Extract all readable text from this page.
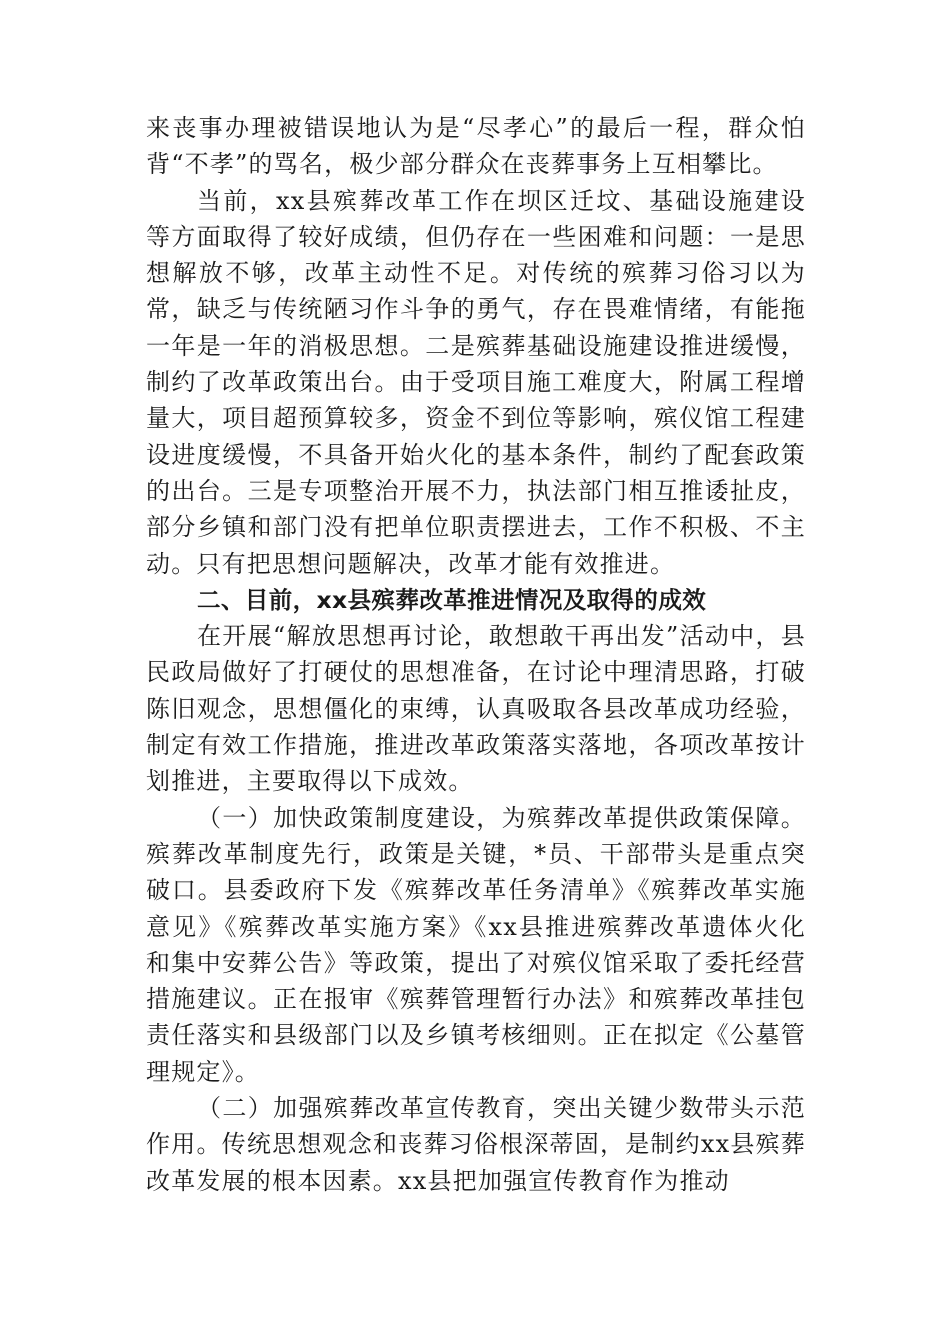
来丧事办理被错误地认为是“尽孝心”的最后一程，群众怕背“不孝”的骂名，极少部分群众在丧葬事务上互相攀比。

当前，xx县殡葬改革工作在坝区迁坟、基础设施建设等方面取得了较好成绩，但仍存在一些困难和问题：一是思想解放不够，改革主动性不足。对传统的殡葬习俗习以为常，缺乏与传统陋习作斗争的勇气，存在畏难情绪，有能拖一年是一年的消极思想。二是殡葬基础设施建设推进缓慢，制约了改革政策出台。由于受项目施工难度大，附属工程增量大，项目超预算较多，资金不到位等影响，殡仪馆工程建设进度缓慢，不具备开始火化的基本条件，制约了配套政策的出台。三是专项整治开展不力，执法部门相互推诿扯皮，部分乡镇和部门没有把单位职责摆进去，工作不积极、不主动。只有把思想问题解决，改革才能有效推进。

二、目前，xx县殡葬改革推进情况及取得的成效

在开展“解放思想再讨论，敢想敢干再出发”活动中，县民政局做好了打硬仗的思想准备，在讨论中理清思路，打破陈旧观念，思想僵化的束缚，认真吸取各县改革成功经验，制定有效工作措施，推进改革政策落实落地，各项改革按计划推进，主要取得以下成效。

（一）加快政策制度建设，为殡葬改革提供政策保障。殡葬改革制度先行，政策是关键，*员、干部带头是重点突破口。县委政府下发《殡葬改革任务清单》《殡葬改革实施意见》《殡葬改革实施方案》《xx县推进殡葬改革遗体火化和集中安葬公告》等政策，提出了对殡仪馆采取了委托经营措施建议。正在报审《殡葬管理暂行办法》和殡葬改革挂包责任落实和县级部门以及乡镇考核细则。正在拟定《公墓管理规定》。

（二）加强殡葬改革宣传教育，突出关键少数带头示范作用。传统思想观念和丧葬习俗根深蒂固，是制约xx县殡葬改革发展的根本因素。xx县把加强宣传教育作为推动
